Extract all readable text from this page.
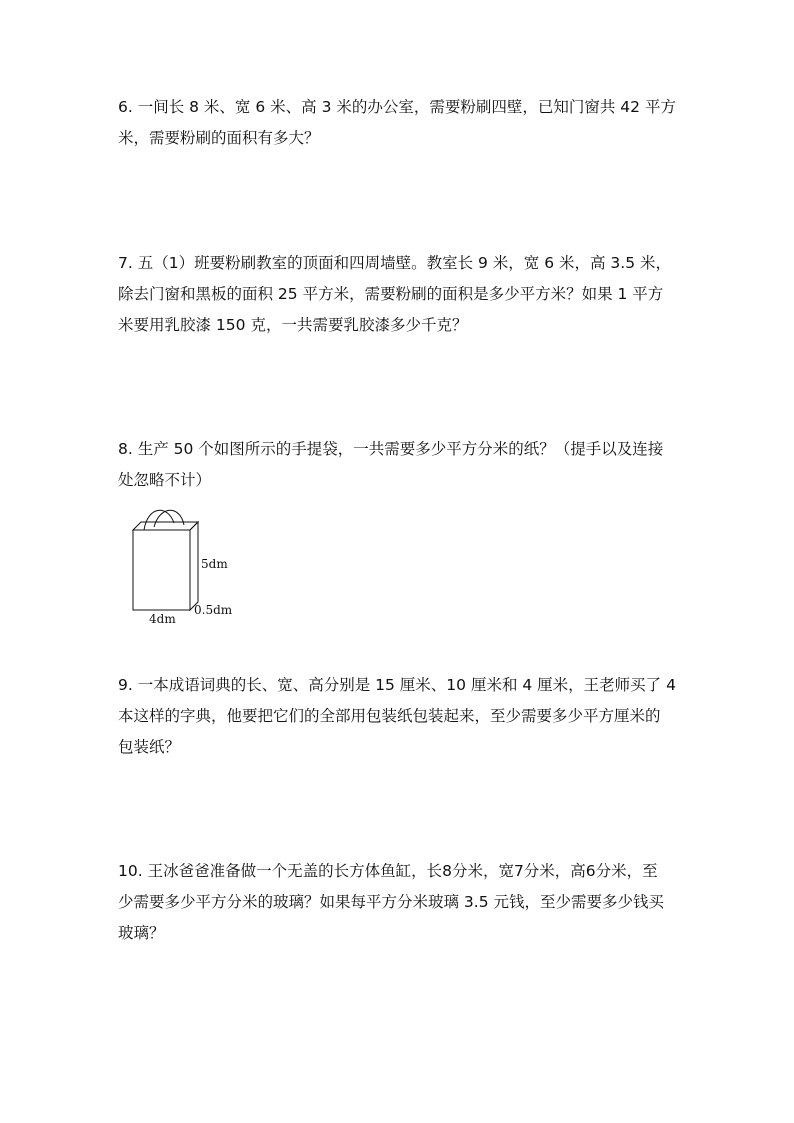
6. 一间长 8 米、宽 6 米、高 3 米的办公室，需要粉刷四壁，已知门窗共 42 平方

米，需要粉刷的面积有多大？

7. 五（1）班要粉刷教室的顶面和四周墙壁。教室长 9 米，宽 6 米，高 3.5 米，

除去门窗和黑板的面积 25 平方米，需要粉刷的面积是多少平方米？如果 1 平方

米要用乳胶漆 150 克，一共需要乳胶漆多少千克？

8. 生产 50 个如图所示的手提袋，一共需要多少平方分米的纸？（提手以及连接

处忽略不计）

5dm
4dm
0.5dm

9. 一本成语词典的长、宽、高分别是 15 厘米、10 厘米和 4 厘米，王老师买了 4

本这样的字典，他要把它们的全部用包装纸包装起来，至少需要多少平方厘米的

包装纸？

10. 王冰爸爸准备做一个无盖的长方体鱼缸，长8分米，宽7分米，高6分米，至

少需要多少平方分米的玻璃？如果每平方分米玻璃 3.5 元钱，至少需要多少钱买

玻璃？
